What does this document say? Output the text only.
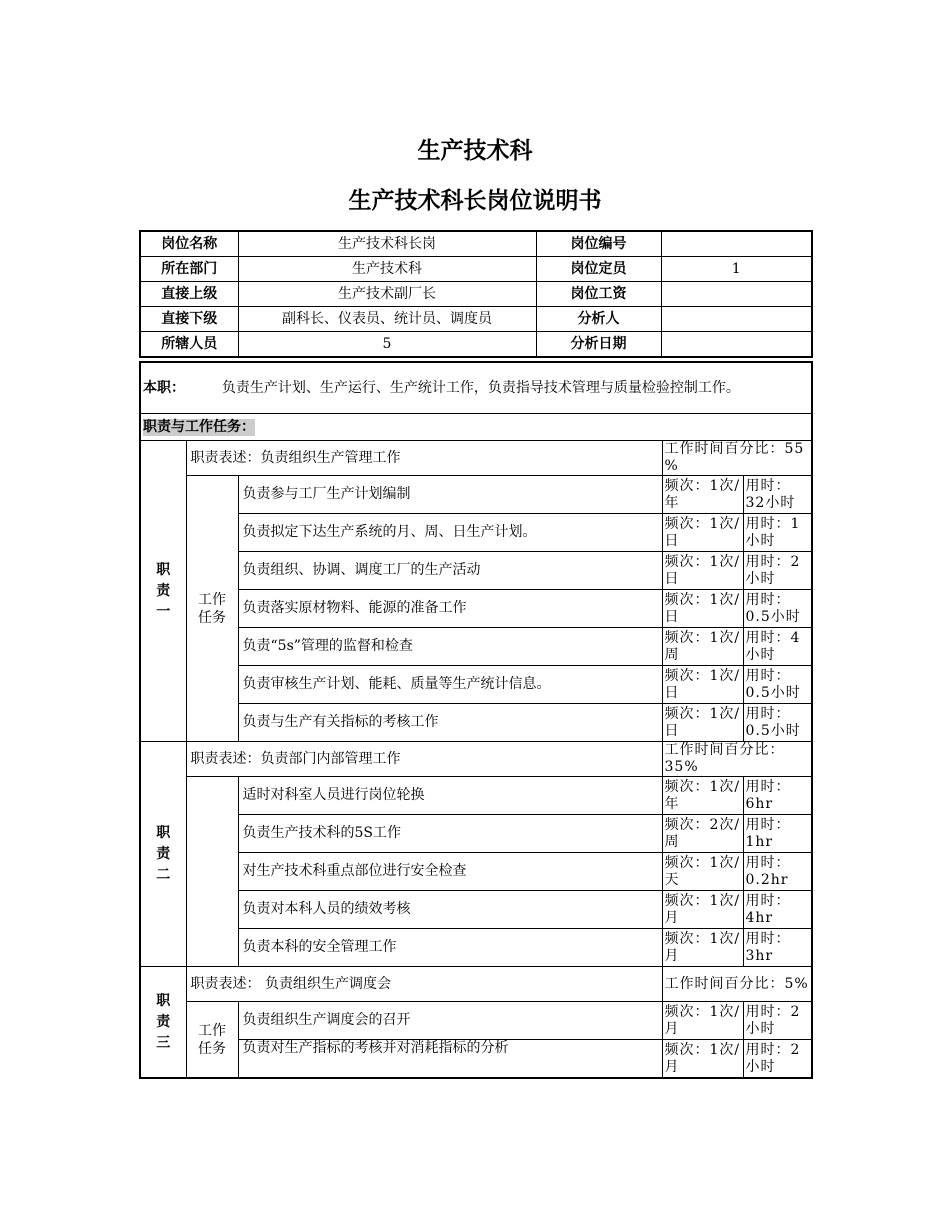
生产技术科
生产技术科长岗位说明书
岗位名称	生产技术科长岗	岗位编号	
所在部门	生产技术科	岗位定员	1
直接上级	生产技术副厂长	岗位工资	
直接下级	副科长、仪表员、统计员、调度员	分析人	
所辖人员	5	分析日期	
本职： 负责生产计划、生产运行、生产统计工作，负责指导技术管理与质量检验控制工作。				
职责与工作任务：				
职
责
一	职责表述：负责组织生产管理工作		工作时间百分比：55 %	
	工作
任务	负责参与工厂生产计划编制	频次：1次/年	用时：32小时
		负责拟定下达生产系统的月、周、日生产计划。	频次：1次/ 日	用时：1小时
		负责组织、协调、调度工厂的生产活动	频次：1次/ 日	用时：2小时
		负责落实原材物料、能源的准备工作	频次：1次/日	用时：0.5小时
		负责“5s”管理的监督和检查	频次：1次/周	用时：4小时
		负责审核生产计划、能耗、质量等生产统计信息。	频次：1次/日	用时：0.5小时
		负责与生产有关指标的考核工作	频次：1次/ 日	用时：0.5小时
职
责
二	职责表述：负责部门内部管理工作		工作时间百分比：35%	
		适时对科室人员进行岗位轮换	频次：1次/年	用时：6hr
		负责生产技术科的5S工作	频次：2次/周	用时：1hr
		对生产技术科重点部位进行安全检查	频次：1次/天	用时：0.2hr
		负责对本科人员的绩效考核	频次：1次/月	用时：4hr
		负责本科的安全管理工作	频次：1次/月	用时：3hr
职
责
三	职责表述： 负责组织生产调度会		工作时间百分比：5%	
	工作
任务	负责组织生产调度会的召开	频次：1次/月	用时：2小时
		负责对生产指标的考核并对消耗指标的分析	频次：1次/月	用时：2小时
